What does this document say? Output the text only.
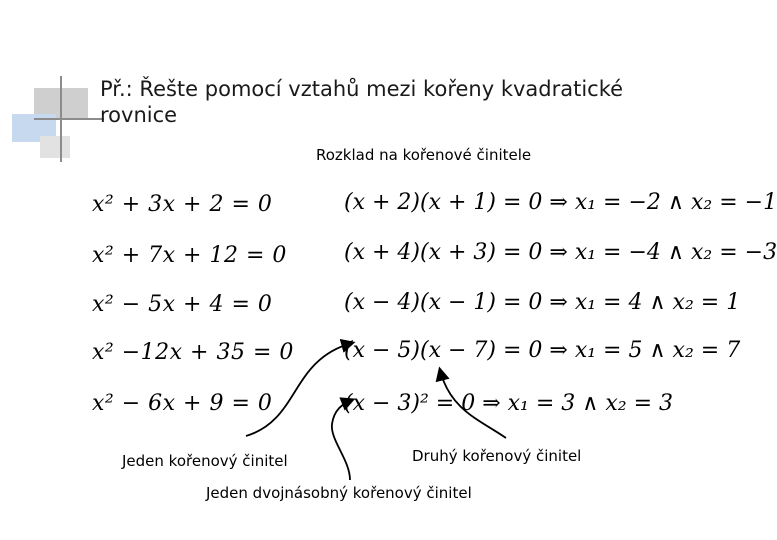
Př.: Řešte pomocí vztahů mezi kořeny kvadratické rovnice
Rozklad na kořenové činitele
x² + 3x + 2 = 0
x² + 7x + 12 = 0
x² − 5x + 4 = 0
x² −12x + 35 = 0
x² − 6x + 9 = 0
(x + 2)(x + 1) = 0 ⇒ x₁ = −2 ∧ x₂ = −1
(x + 4)(x + 3) = 0 ⇒ x₁ = −4 ∧ x₂ = −3
(x − 4)(x − 1) = 0 ⇒ x₁ = 4 ∧ x₂ = 1
(x − 5)(x − 7) = 0 ⇒ x₁ = 5 ∧ x₂ = 7
(x − 3)² = 0 ⇒ x₁ = 3 ∧ x₂ = 3
Jeden kořenový činitel	Druhý kořenový činitel
Jeden dvojnásobný kořenový činitel
